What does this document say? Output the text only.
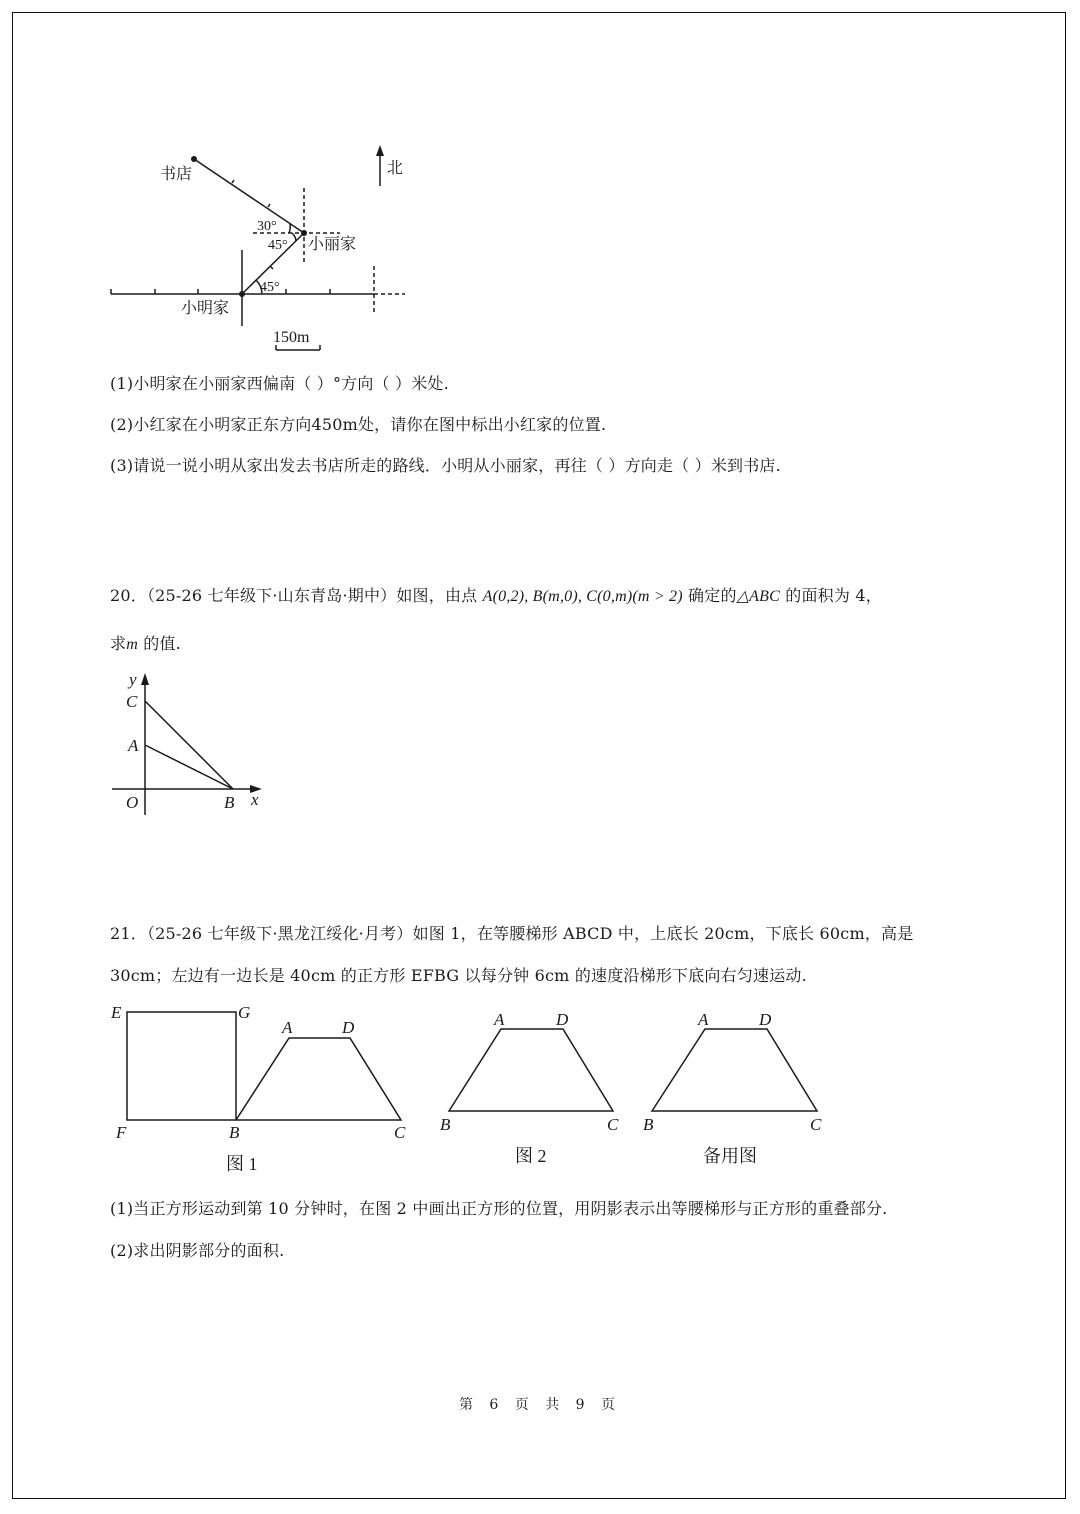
书店
小丽家
小明家
北
30°
45°
45°
150m
(1)小明家在小丽家西偏南（ ）°方向（ ）米处.
(2)小红家在小明家正东方向450m处，请你在图中标出小红家的位置.
(3)请说一说小明从家出发去书店所走的路线．小明从小丽家，再往（ ）方向走（ ）米到书店.
20．（25-26 七年级下·山东青岛·期中）如图，由点 A(0,2), B(m,0), C(0,m)(m > 2) 确定的△ABC 的面积为 4，
求m 的值.
y
C
A
O	B x
21．（25-26 七年级下·黑龙江绥化·月考）如图 1，在等腰梯形 ABCD 中，上底长 20cm，下底长 60cm，高是
30cm；左边有一边长是 40cm 的正方形 EFBG 以每分钟 6cm 的速度沿梯形下底向右匀速运动.
E	G
F	B
A	D
C
A	D
B	C
A	D
B	C
图 1	图 2	备用图
(1)当正方形运动到第 10 分钟时，在图 2 中画出正方形的位置，用阴影表示出等腰梯形与正方形的重叠部分.
(2)求出阴影部分的面积.
第 6 页 共 9 页
